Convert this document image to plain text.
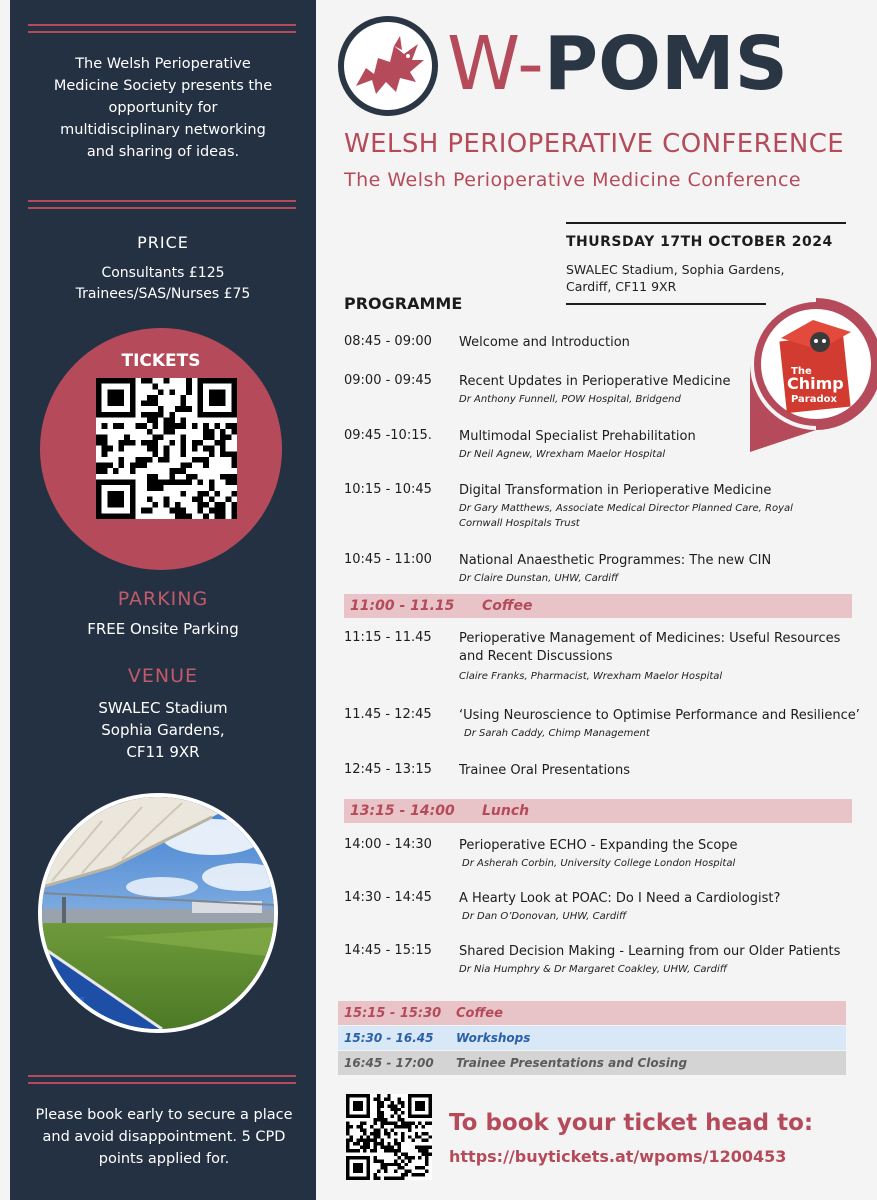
The Welsh Perioperative Medicine Society presents the opportunity for multidisciplinary networking and sharing of ideas.
PRICE
Consultants £125
Trainees/SAS/Nurses £75
TICKETS
PARKING
FREE Onsite Parking
VENUE
SWALEC Stadium
Sophia Gardens,
CF11 9XR
Please book early to secure a place and avoid disappointment. 5 CPD points applied for.
W-POMS
WELSH PERIOPERATIVE CONFERENCE
The Welsh Perioperative Medicine Conference
THURSDAY 17TH OCTOBER 2024
SWALEC Stadium, Sophia Gardens,
Cardiff, CF11 9XR
PROGRAMME
The
Chimp
Paradox
08:45 - 09:00 Welcome and Introduction
09:00 - 09:45 Recent Updates in Perioperative Medicine
Dr Anthony Funnell, POW Hospital, Bridgend
09:45 -10:15. Multimodal Specialist Prehabilitation
Dr Neil Agnew, Wrexham Maelor Hospital
10:15 - 10:45 Digital Transformation in Perioperative Medicine
Dr Gary Matthews, Associate Medical Director Planned Care, Royal Cornwall Hospitals Trust
10:45 - 11:00 National Anaesthetic Programmes: The new CIN
Dr Claire Dunstan, UHW, Cardiff
11:00 - 11.15	Coffee
11:15 - 11.45 Perioperative Management of Medicines: Useful Resources and Recent Discussions
Claire Franks, Pharmacist, Wrexham Maelor Hospital
11.45 - 12:45 ‘Using Neuroscience to Optimise Performance and Resilience’
Dr Sarah Caddy, Chimp Management
12:45 - 13:15 Trainee Oral Presentations
13:15 - 14:00	Lunch
14:00 - 14:30 Perioperative ECHO - Expanding the Scope
Dr Asherah Corbin, University College London Hospital
14:30 - 14:45 A Hearty Look at POAC: Do I Need a Cardiologist?
Dr Dan O’Donovan, UHW, Cardiff
14:45 - 15:15 Shared Decision Making - Learning from our Older Patients
Dr Nia Humphry & Dr Margaret Coakley, UHW, Cardiff
15:15 - 15:30	Coffee
15:30 - 16.45	Workshops
16:45 - 17:00	Trainee Presentations and Closing
To book your ticket head to:
https://buytickets.at/wpoms/1200453
